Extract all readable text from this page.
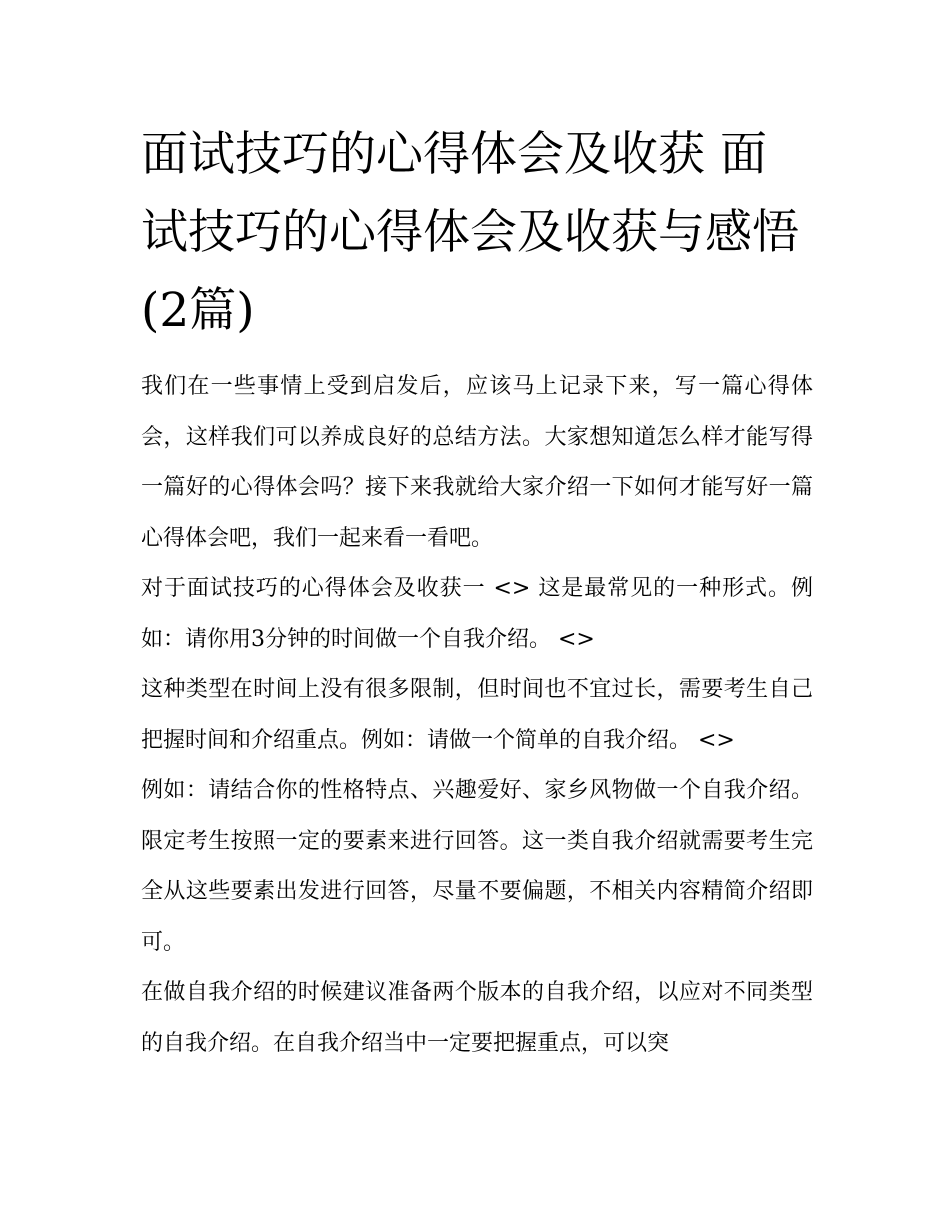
面试技巧的心得体会及收获 面试技巧的心得体会及收获与感悟(2篇)

我们在一些事情上受到启发后，应该马上记录下来，写一篇心得体会，这样我们可以养成良好的总结方法。大家想知道怎么样才能写得一篇好的心得体会吗？接下来我就给大家介绍一下如何才能写好一篇心得体会吧，我们一起来看一看吧。

对于面试技巧的心得体会及收获一 <> 这是最常见的一种形式。例如：请你用3分钟的时间做一个自我介绍。 <>

这种类型在时间上没有很多限制，但时间也不宜过长，需要考生自己把握时间和介绍重点。例如：请做一个简单的自我介绍。 <>

例如：请结合你的性格特点、兴趣爱好、家乡风物做一个自我介绍。限定考生按照一定的要素来进行回答。这一类自我介绍就需要考生完全从这些要素出发进行回答，尽量不要偏题，不相关内容精简介绍即可。

在做自我介绍的时候建议准备两个版本的自我介绍，以应对不同类型的自我介绍。在自我介绍当中一定要把握重点，可以突
